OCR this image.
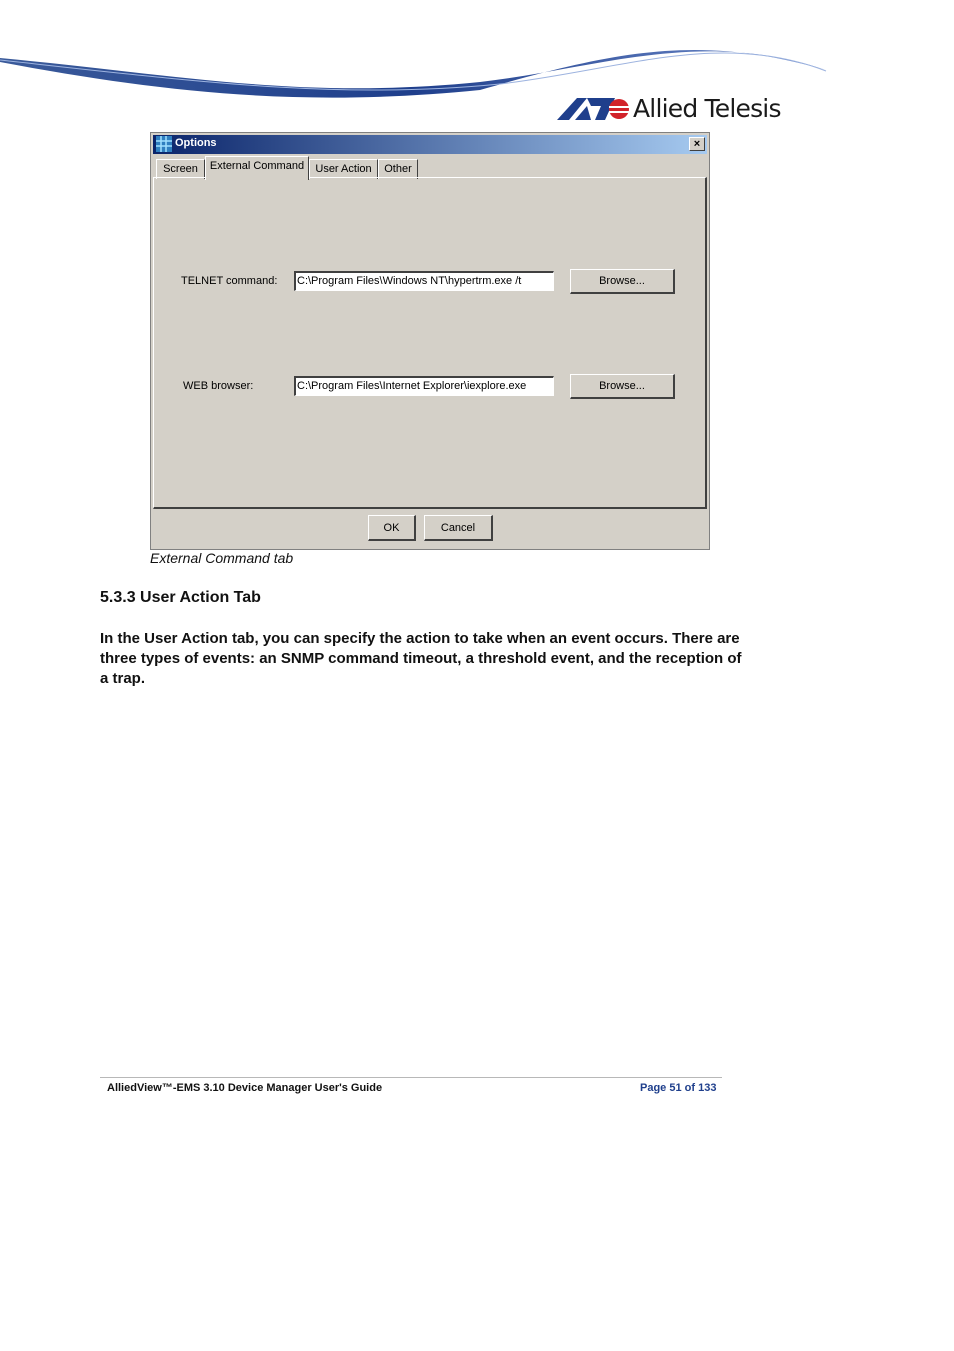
Allied Telesis
Options	×
Screen	External Command	User Action	Other
TELNET command: C:\Program Files\Windows NT\hypertrm.exe /t	Browse...
WEB browser:	C:\Program Files\Internet Explorer\iexplore.exe	Browse...
OK	Cancel
External Command tab
5.3.3 User Action Tab
In the User Action tab, you can specify the action to take when an event occurs. There are three types of events: an SNMP command timeout, a threshold event, and the reception of a trap.
AlliedView™-EMS 3.10 Device Manager User's Guide	Page 51 of 133
